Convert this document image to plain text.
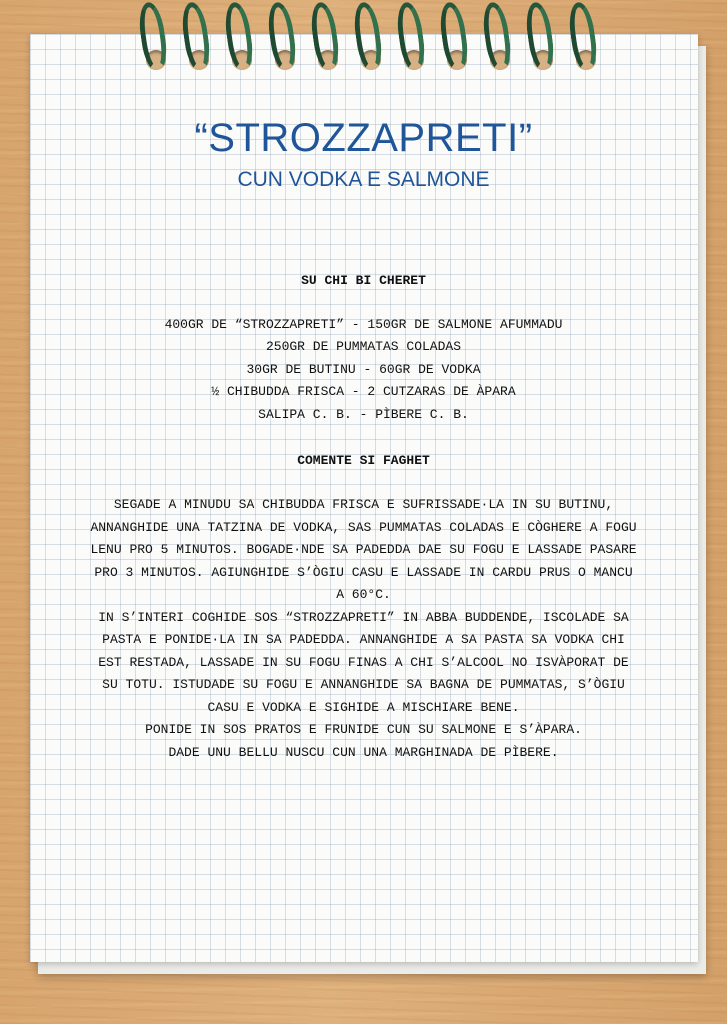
“STROZZAPRETI”
CUN VODKA E SALMONE
SU CHI BI CHERET
400GR DE “STROZZAPRETI” - 150GR DE SALMONE AFUMMADU
250GR DE PUMMATAS COLADAS
30GR DE BUTINU - 60GR DE VODKA
½ CHIBUDDA FRISCA - 2 CUTZARAS DE ÀPARA
SALIPA C. B. - PÌBERE C. B.
COMENTE SI FAGHET
SEGADE A MINUDU SA CHIBUDDA FRISCA E SUFRISSADE·LA IN SU BUTINU,
ANNANGHIDE UNA TATZINA DE VODKA, SAS PUMMATAS COLADAS E CÒGHERE A FOGU
LENU PRO 5 MINUTOS. BOGADE·NDE SA PADEDDA DAE SU FOGU E LASSADE PASARE
PRO 3 MINUTOS. AGIUNGHIDE S’ÒGIU CASU E LASSADE IN CARDU PRUS O MANCU
A 60°C.
IN S’INTERI COGHIDE SOS “STROZZAPRETI” IN ABBA BUDDENDE, ISCOLADE SA
PASTA E PONIDE·LA IN SA PADEDDA. ANNANGHIDE A SA PASTA SA VODKA CHI
EST RESTADA, LASSADE IN SU FOGU FINAS A CHI S’ALCOOL NO ISVÀPORAT DE
SU TOTU. ISTUDADE SU FOGU E ANNANGHIDE SA BAGNA DE PUMMATAS, S’ÒGIU
CASU E VODKA E SIGHIDE A MISCHIARE BENE.
PONIDE IN SOS PRATOS E FRUNIDE CUN SU SALMONE E S’ÀPARA.
DADE UNU BELLU NUSCU CUN UNA MARGHINADA DE PÌBERE.
